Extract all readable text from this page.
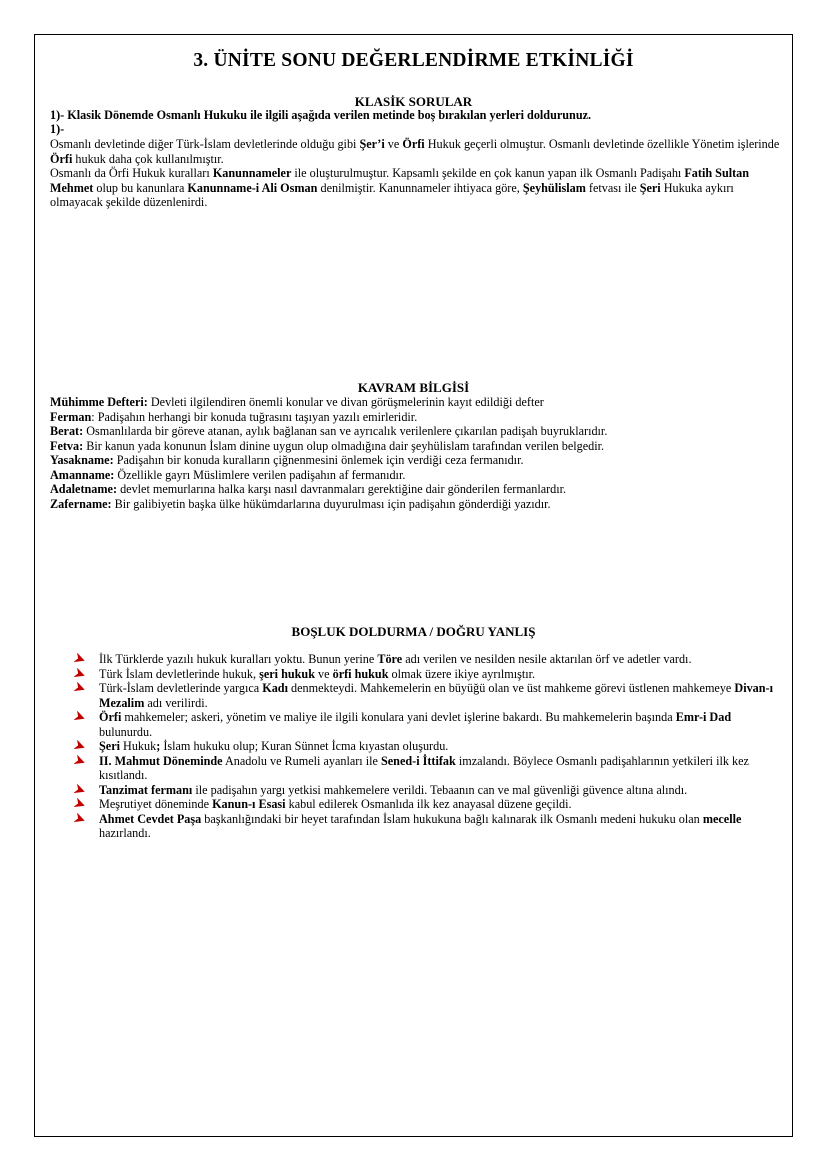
3. ÜNİTE SONU DEĞERLENDİRME ETKİNLİĞİ
KLASİK SORULAR
1)- Klasik Dönemde Osmanlı Hukuku ile ilgili aşağıda verilen metinde boş bırakılan yerleri doldurunuz.
1)-
Osmanlı devletinde diğer Türk-İslam devletlerinde olduğu gibi Şer’i ve Örfi Hukuk geçerli olmuştur. Osmanlı devletinde özellikle Yönetim işlerinde Örfi hukuk daha çok kullanılmıştır.
Osmanlı da Örfi Hukuk kuralları Kanunnameler ile oluşturulmuştur. Kapsamlı şekilde en çok kanun yapan ilk Osmanlı Padişahı Fatih Sultan Mehmet olup bu kanunlara Kanunname-i Ali Osman denilmiştir. Kanunnameler ihtiyaca göre, Şeyhülislam fetvası ile Şeri Hukuka aykırı olmayacak şekilde düzenlenirdi.
KAVRAM BİLGİSİ
Mühimme Defteri: Devleti ilgilendiren önemli konular ve divan görüşmelerinin kayıt edildiği defter
Ferman: Padişahın herhangi bir konuda tuğrasını taşıyan yazılı emirleridir.
Berat: Osmanlılarda bir göreve atanan, aylık bağlanan san ve ayrıcalık verilenlere çıkarılan padişah buyruklarıdır.
Fetva: Bir kanun yada konunun İslam dinine uygun olup olmadığına dair şeyhülislam tarafından verilen belgedir.
Yasakname: Padişahın bir konuda kuralların çiğnenmesini önlemek için verdiği ceza fermanıdır.
Amanname: Özellikle gayrı Müslimlere verilen padişahın af fermanıdır.
Adaletname: devlet memurlarına halka karşı nasıl davranmaları gerektiğine dair gönderilen fermanlardır.
Zafername: Bir galibiyetin başka ülke hükümdarlarına duyurulması için padişahın gönderdiği yazıdır.
BOŞLUK DOLDURMA / DOĞRU YANLIŞ
İlk Türklerde yazılı hukuk kuralları yoktu. Bunun yerine Töre adı verilen ve nesilden nesile aktarılan örf ve adetler vardı.
Türk İslam devletlerinde hukuk, şeri hukuk ve örfi hukuk olmak üzere ikiye ayrılmıştır.
Türk-İslam devletlerinde yargıca Kadı denmekteydi. Mahkemelerin en büyüğü olan ve üst mahkeme görevi üstlenen mahkemeye Divan-ı Mezalim adı verilirdi.
Örfi mahkemeler; askeri, yönetim ve maliye ile ilgili konulara yani devlet işlerine bakardı. Bu mahkemelerin başında Emr-i Dad bulunurdu.
Şeri Hukuk; İslam hukuku olup; Kuran Sünnet İcma kıyastan oluşurdu.
II. Mahmut Döneminde Anadolu ve Rumeli ayanları ile Sened-i İttifak imzalandı. Böylece Osmanlı padişahlarının yetkileri ilk kez kısıtlandı.
Tanzimat fermanı ile padişahın yargı yetkisi mahkemelere verildi. Tebaanın can ve mal güvenliği güvence altına alındı.
Meşrutiyet döneminde Kanun-ı Esasi kabul edilerek Osmanlıda ilk kez anayasal düzene geçildi.
Ahmet Cevdet Paşa başkanlığındaki bir heyet tarafından İslam hukukuna bağlı kalınarak ilk Osmanlı medeni hukuku olan mecelle hazırlandı.
